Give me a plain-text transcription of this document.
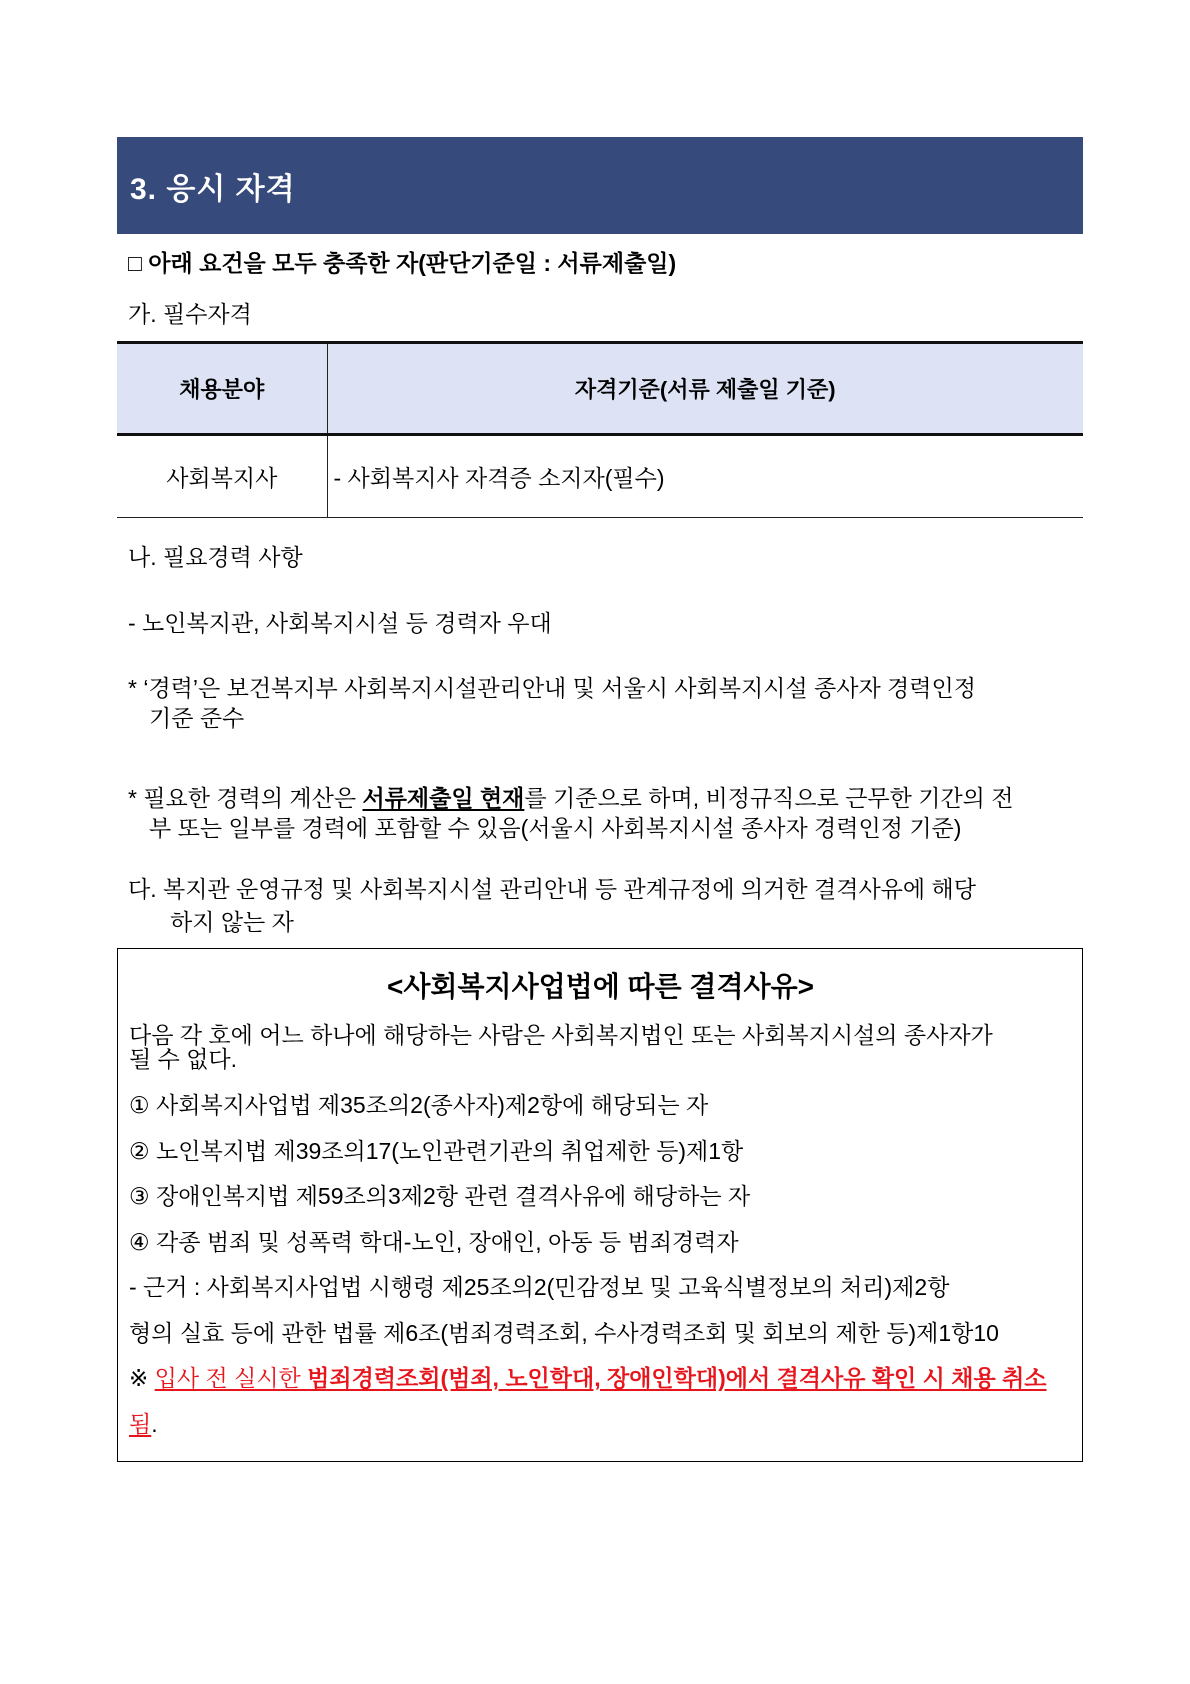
3. 응시 자격
□ 아래 요건을 모두 충족한 자(판단기준일 : 서류제출일)
가. 필수자격
채용분야	자격기준(서류 제출일 기준)
사회복지사	- 사회복지사 자격증 소지자(필수)
나. 필요경력 사항
- 노인복지관, 사회복지시설 등 경력자 우대
* ‘경력’은 보건복지부 사회복지시설관리안내 및 서울시 사회복지시설 종사자 경력인정
기준 준수
* 필요한 경력의 계산은 서류제출일 현재를 기준으로 하며, 비정규직으로 근무한 기간의 전
부 또는 일부를 경력에 포함할 수 있음(서울시 사회복지시설 종사자 경력인정 기준)
다. 복지관 운영규정 및 사회복지시설 관리안내 등 관계규정에 의거한 결격사유에 해당
하지 않는 자
<사회복지사업법에 따른 결격사유>
다음 각 호에 어느 하나에 해당하는 사람은 사회복지법인 또는 사회복지시설의 종사자가
될 수 없다.
① 사회복지사업법 제35조의2(종사자)제2항에 해당되는 자
② 노인복지법 제39조의17(노인관련기관의 취업제한 등)제1항
③ 장애인복지법 제59조의3제2항 관련 결격사유에 해당하는 자
④ 각종 범죄 및 성폭력 학대-노인, 장애인, 아동 등 범죄경력자
- 근거 : 사회복지사업법 시행령 제25조의2(민감정보 및 고육식별정보의 처리)제2항
형의 실효 등에 관한 법률 제6조(범죄경력조회, 수사경력조회 및 회보의 제한 등)제1항10
※ 입사 전 실시한 범죄경력조회(범죄, 노인학대, 장애인학대)에서 결격사유 확인 시 채용 취소됨.
